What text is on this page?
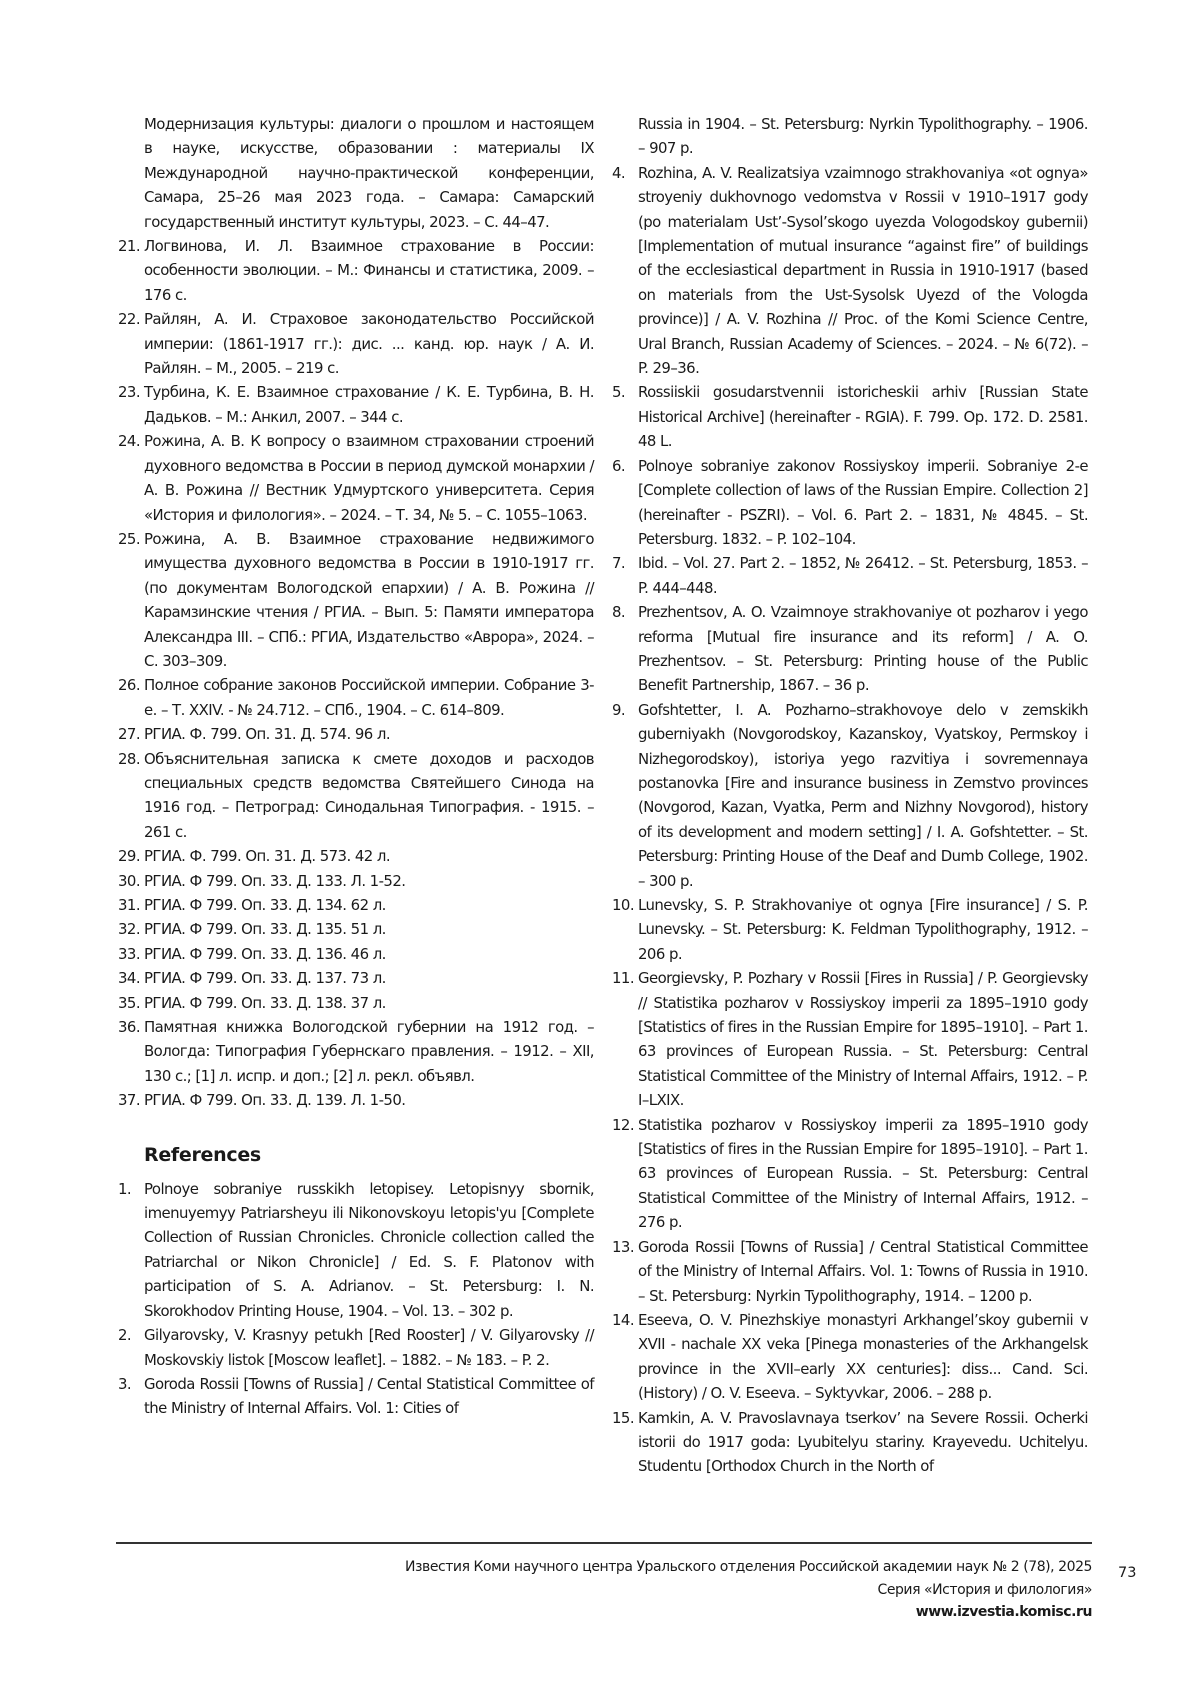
Модернизация культуры: диалоги о прошлом и настоящем в науке, искусстве, образовании : материалы IX Международной научно-практической конференции, Самара, 25–26 мая 2023 года. – Самара: Самарский государственный институт культуры, 2023. – С. 44–47.
21. Логвинова, И. Л. Взаимное страхование в России: особенности эволюции. – М.: Финансы и статистика, 2009. – 176 с.
22. Райлян, А. И. Страховое законодательство Российской империи: (1861-1917 гг.): дис. ... канд. юр. наук / А. И. Райлян. – М., 2005. – 219 с.
23. Турбина, К. Е. Взаимное страхование / К. Е. Турбина, В. Н. Дадьков. – М.: Анкил, 2007. – 344 с.
24. Рожина, А. В. К вопросу о взаимном страховании строений духовного ведомства в России в период думской монархии / А. В. Рожина // Вестник Удмуртского университета. Серия «История и филология». – 2024. – Т. 34, № 5. – С. 1055–1063.
25. Рожина, А. В. Взаимное страхование недвижимого имущества духовного ведомства в России в 1910-1917 гг. (по документам Вологодской епархии) / А. В. Рожина // Карамзинские чтения / РГИА. – Вып. 5: Памяти императора Александра III. – СПб.: РГИА, Издательство «Аврора», 2024. – С. 303–309.
26. Полное собрание законов Российской империи. Собрание 3-е. – Т. XXIV. - № 24.712. – СПб., 1904. – С. 614–809.
27. РГИА. Ф. 799. Оп. 31. Д. 574. 96 л.
28. Объяснительная записка к смете доходов и расходов специальных средств ведомства Святейшего Синода на 1916 год. – Петроград: Синодальная Типография. - 1915. – 261 с.
29. РГИА. Ф. 799. Оп. 31. Д. 573. 42 л.
30. РГИА. Ф 799. Оп. 33. Д. 133. Л. 1-52.
31. РГИА. Ф 799. Оп. 33. Д. 134. 62 л.
32. РГИА. Ф 799. Оп. 33. Д. 135. 51 л.
33. РГИА. Ф 799. Оп. 33. Д. 136. 46 л.
34. РГИА. Ф 799. Оп. 33. Д. 137. 73 л.
35. РГИА. Ф 799. Оп. 33. Д. 138. 37 л.
36. Памятная книжка Вологодской губернии на 1912 год. – Вологда: Типография Губернскаго правления. – 1912. – XII, 130 с.; [1] л. испр. и доп.; [2] л. рекл. объявл.
37. РГИА. Ф 799. Оп. 33. Д. 139. Л. 1-50.
References
1. Polnoye sobraniye russkikh letopisey. Letopisnyy sbornik, imenuyemyy Patriarsheyu ili Nikonovskoyu letopis'yu [Complete Collection of Russian Chronicles. Chronicle collection called the Patriarchal or Nikon Chronicle] / Ed. S. F. Platonov with participation of S. A. Adrianov. – St. Petersburg: I. N. Skorokhodov Printing House, 1904. – Vol. 13. – 302 p.
2. Gilyarovsky, V. Krasnyy petukh [Red Rooster] / V. Gilyarovsky // Moskovskiy listok [Moscow leaflet]. – 1882. – № 183. – P. 2.
3. Goroda Rossii [Towns of Russia] / Cental Statistical Committee of the Ministry of Internal Affairs. Vol. 1: Cities of
Russia in 1904. – St. Petersburg: Nyrkin Typolithography. – 1906. – 907 p.
4. Rozhina, A. V. Realizatsiya vzaimnogo strakhovaniya «ot ognya» stroyeniy dukhovnogo vedomstva v Rossii v 1910–1917 gody (po materialam Ust’-Sysol’skogo uyezda Vologodskoy gubernii) [Implementation of mutual insurance “against fire” of buildings of the ecclesiastical department in Russia in 1910-1917 (based on materials from the Ust-Sysolsk Uyezd of the Vologda province)] / A. V. Rozhina // Proc. of the Komi Science Centre, Ural Branch, Russian Academy of Sciences. – 2024. – № 6(72). – P. 29–36.
5. Rossiiskii gosudarstvennii istoricheskii arhiv [Russian State Historical Archive] (hereinafter - RGIA). F. 799. Op. 172. D. 2581. 48 L.
6. Polnoye sobraniye zakonov Rossiyskoy imperii. Sobraniye 2-e [Complete collection of laws of the Russian Empire. Collection 2] (hereinafter - PSZRI). – Vol. 6. Part 2. – 1831, № 4845. – St. Petersburg. 1832. – P. 102–104.
7. Ibid. – Vol. 27. Part 2. – 1852, № 26412. – St. Petersburg, 1853. – P. 444–448.
8. Prezhentsov, A. O. Vzaimnoye strakhovaniye ot pozharov i yego reforma [Mutual fire insurance and its reform] / A. O. Prezhentsov. – St. Petersburg: Printing house of the Public Benefit Partnership, 1867. – 36 p.
9. Gofshtetter, I. A. Pozharno–strakhovoye delo v zemskikh guberniyakh (Novgorodskoy, Kazanskoy, Vyatskoy, Permskoy i Nizhegorodskoy), istoriya yego razvitiya i sovremennaya postanovka [Fire and insurance business in Zemstvo provinces (Novgorod, Kazan, Vyatka, Perm and Nizhny Novgorod), history of its development and modern setting] / I. A. Gofshtetter. – St. Petersburg: Printing House of the Deaf and Dumb College, 1902. – 300 p.
10. Lunevsky, S. P. Strakhovaniye ot ognya [Fire insurance] / S. P. Lunevsky. – St. Petersburg: K. Feldman Typolithography, 1912. – 206 p.
11. Georgievsky, P. Pozhary v Rossii [Fires in Russia] / P. Georgievsky // Statistika pozharov v Rossiyskoy imperii za 1895–1910 gody [Statistics of fires in the Russian Empire for 1895–1910]. – Part 1. 63 provinces of European Russia. – St. Petersburg: Central Statistical Committee of the Ministry of Internal Affairs, 1912. – P. I–LXIX.
12. Statistika pozharov v Rossiyskoy imperii za 1895–1910 gody [Statistics of fires in the Russian Empire for 1895–1910]. – Part 1. 63 provinces of European Russia. – St. Petersburg: Central Statistical Committee of the Ministry of Internal Affairs, 1912. – 276 p.
13. Goroda Rossii [Towns of Russia] / Central Statistical Committee of the Ministry of Internal Affairs. Vol. 1: Towns of Russia in 1910. – St. Petersburg: Nyrkin Typolithography, 1914. – 1200 p.
14. Eseeva, O. V. Pinezhskiye monastyri Arkhangel’skoy gubernii v XVII - nachale XX veka [Pinega monasteries of the Arkhangelsk province in the XVII–early XX centuries]: diss... Cand. Sci. (History) / O. V. Eseeva. – Syktyvkar, 2006. – 288 p.
15. Kamkin, A. V. Pravoslavnaya tserkov’ na Severe Rossii. Ocherki istorii do 1917 goda: Lyubitelyu stariny. Krayevedu. Uchitelyu. Studentu [Orthodox Church in the North of
Известия Коми научного центра Уральского отделения Российской академии наук № 2 (78), 2025
Серия «История и филология»
www.izvestia.komisc.ru
73
